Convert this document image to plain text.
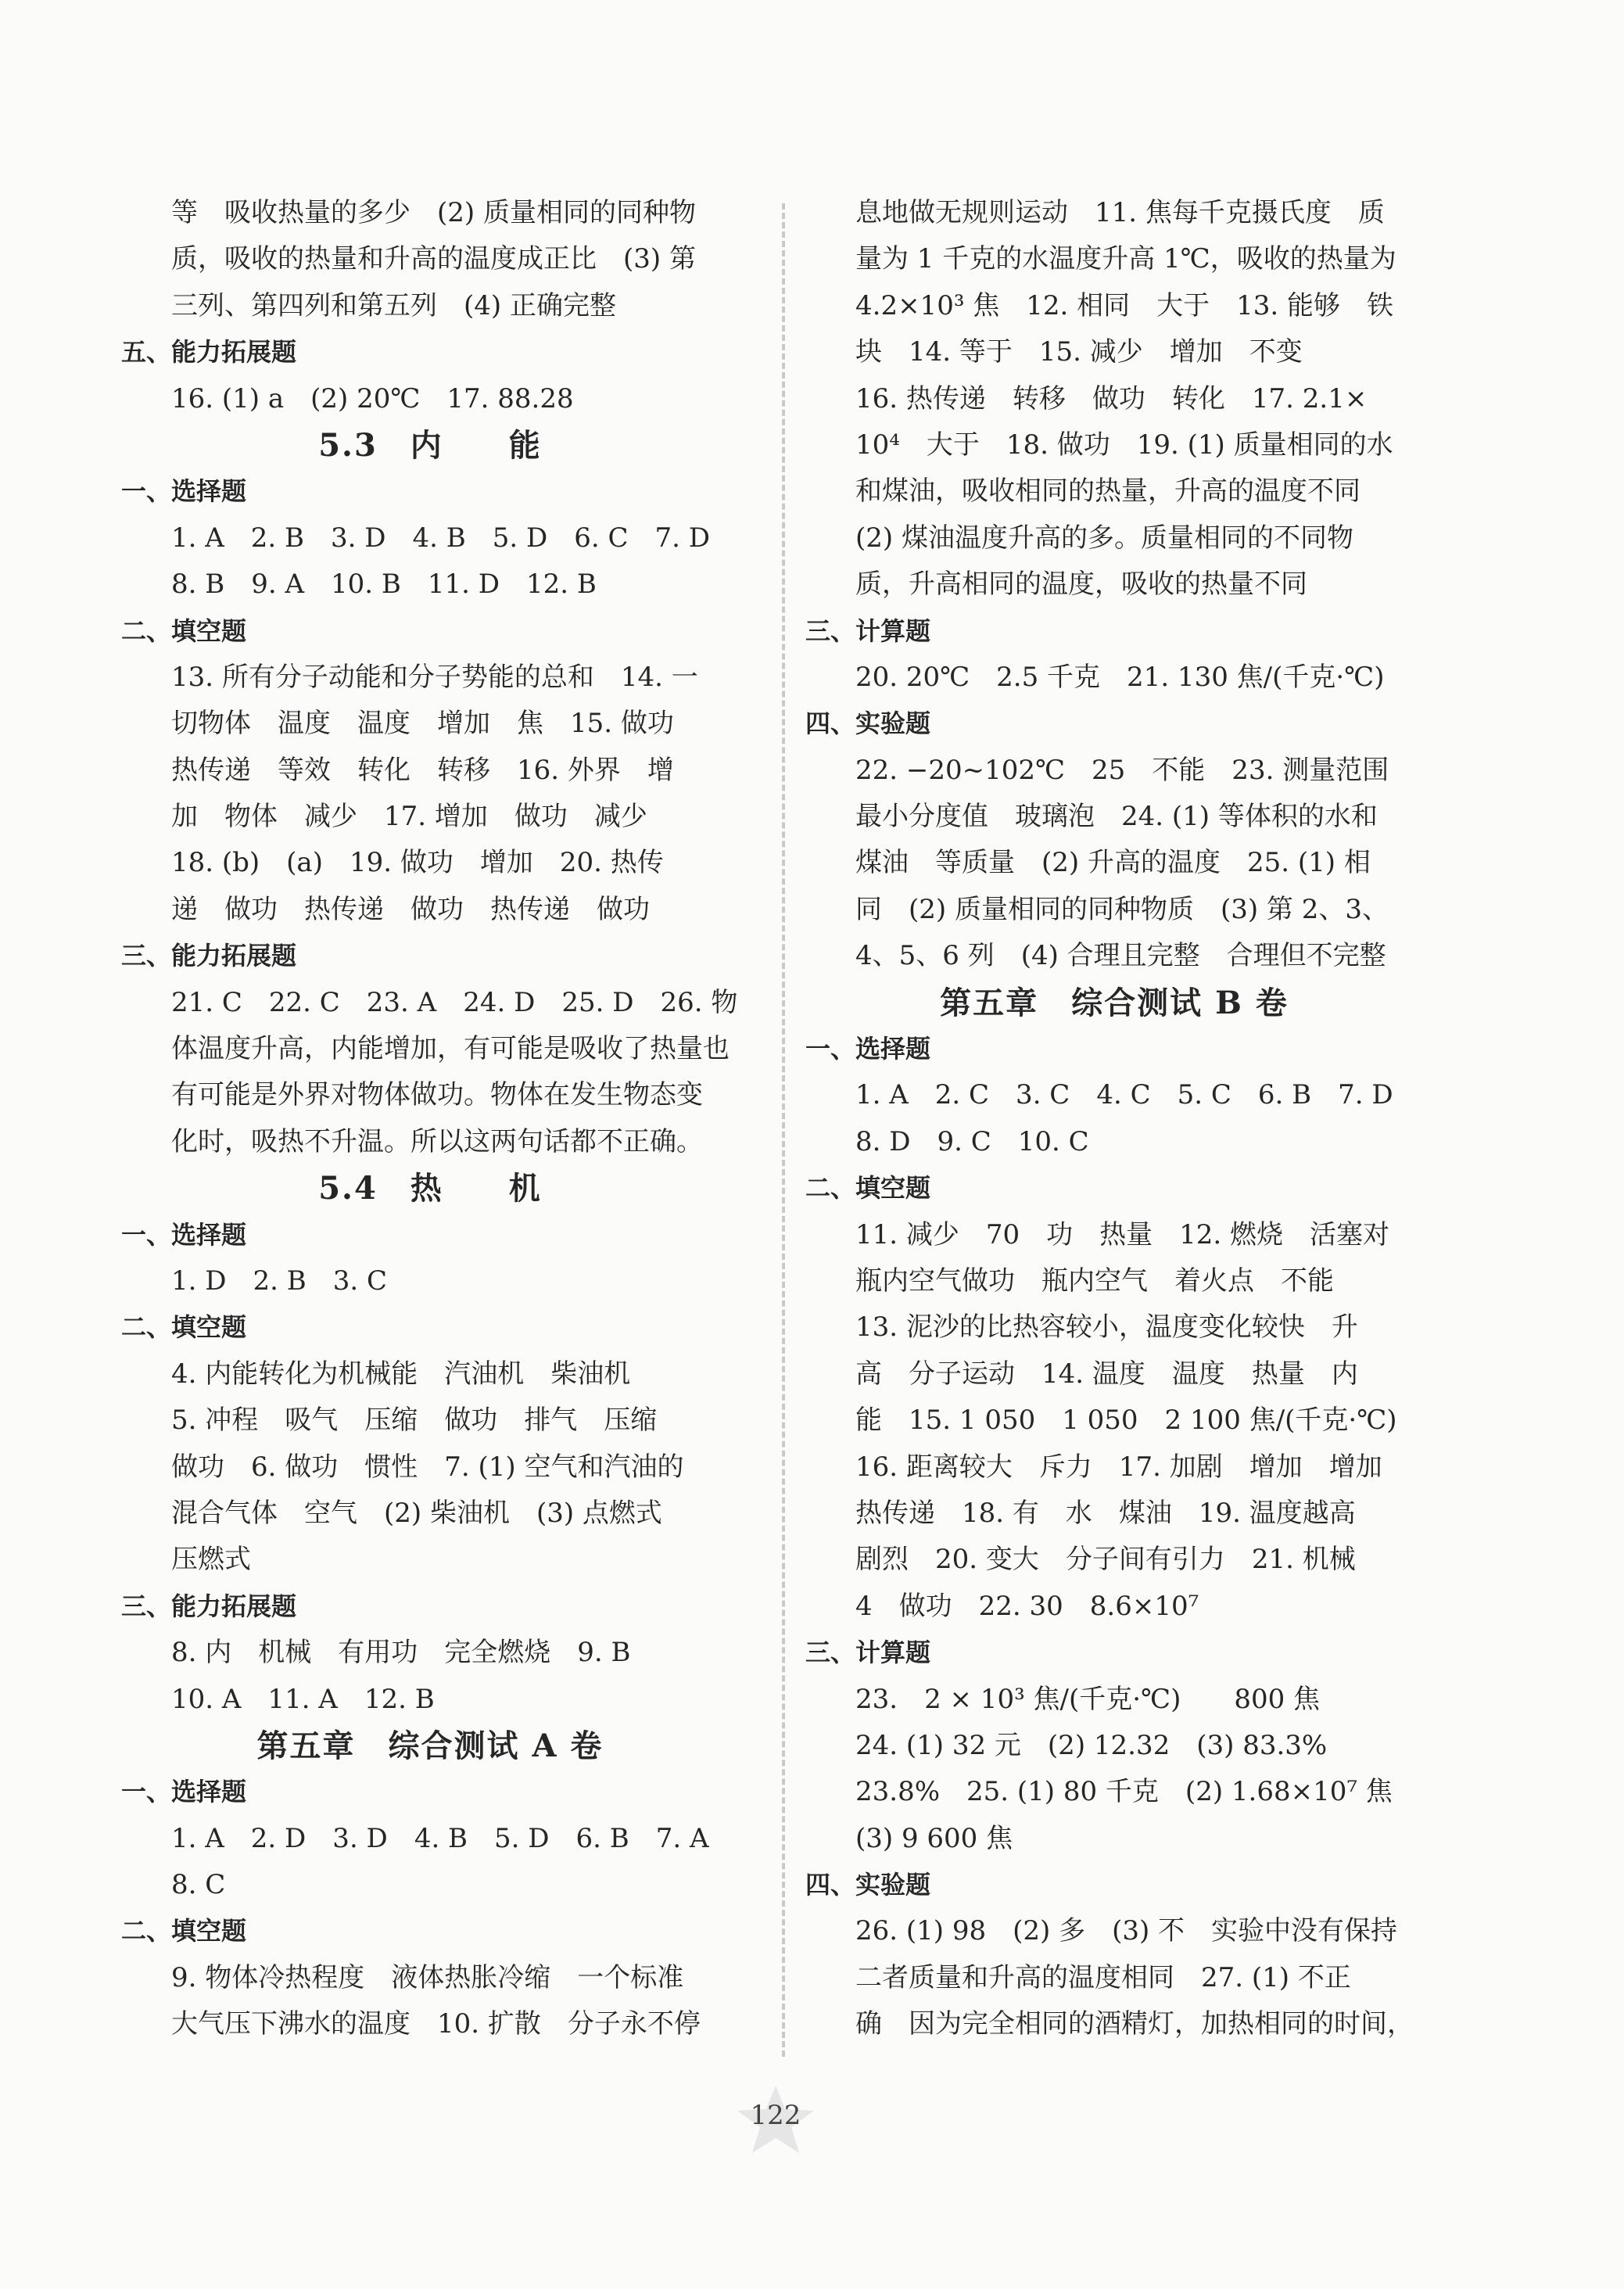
等　吸收热量的多少　(2) 质量相同的同种物
质，吸收的热量和升高的温度成正比　(3) 第
三列、第四列和第五列　(4) 正确完整
五、能力拓展题
16. (1) a　(2) 20℃　17. 88.28
5.3　内　　能
一、选择题
1. A　2. B　3. D　4. B　5. D　6. C　7. D
8. B　9. A　10. B　11. D　12. B
二、填空题
13. 所有分子动能和分子势能的总和　14. 一
切物体　温度　温度　增加　焦　15. 做功
热传递　等效　转化　转移　16. 外界　增
加　物体　减少　17. 增加　做功　减少
18. (b)　(a)　19. 做功　增加　20. 热传
递　做功　热传递　做功　热传递　做功
三、能力拓展题
21. C　22. C　23. A　24. D　25. D　26. 物
体温度升高，内能增加，有可能是吸收了热量也
有可能是外界对物体做功。物体在发生物态变
化时，吸热不升温。所以这两句话都不正确。
5.4　热　　机
一、选择题
1. D　2. B　3. C
二、填空题
4. 内能转化为机械能　汽油机　柴油机
5. 冲程　吸气　压缩　做功　排气　压缩
做功　6. 做功　惯性　7. (1) 空气和汽油的
混合气体　空气　(2) 柴油机　(3) 点燃式
压燃式
三、能力拓展题
8. 内　机械　有用功　完全燃烧　9. B
10. A　11. A　12. B
第五章　综合测试 A 卷
一、选择题
1. A　2. D　3. D　4. B　5. D　6. B　7. A
8. C
二、填空题
9. 物体冷热程度　液体热胀冷缩　一个标准
大气压下沸水的温度　10. 扩散　分子永不停
息地做无规则运动　11. 焦每千克摄氏度　质
量为 1 千克的水温度升高 1℃，吸收的热量为
4.2×10³ 焦　12. 相同　大于　13. 能够　铁
块　14. 等于　15. 减少　增加　不变
16. 热传递　转移　做功　转化　17. 2.1×
10⁴　大于　18. 做功　19. (1) 质量相同的水
和煤油，吸收相同的热量，升高的温度不同
(2) 煤油温度升高的多。质量相同的不同物
质，升高相同的温度，吸收的热量不同
三、计算题
20. 20℃　2.5 千克　21. 130 焦/(千克·℃)
四、实验题
22. −20~102℃　25　不能　23. 测量范围
最小分度值　玻璃泡　24. (1) 等体积的水和
煤油　等质量　(2) 升高的温度　25. (1) 相
同　(2) 质量相同的同种物质　(3) 第 2、3、
4、5、6 列　(4) 合理且完整　合理但不完整
第五章　综合测试 B 卷
一、选择题
1. A　2. C　3. C　4. C　5. C　6. B　7. D
8. D　9. C　10. C
二、填空题
11. 减少　70　功　热量　12. 燃烧　活塞对
瓶内空气做功　瓶内空气　着火点　不能
13. 泥沙的比热容较小，温度变化较快　升
高　分子运动　14. 温度　温度　热量　内
能　15. 1 050　1 050　2 100 焦/(千克·℃)
16. 距离较大　斥力　17. 加剧　增加　增加
热传递　18. 有　水　煤油　19. 温度越高
剧烈　20. 变大　分子间有引力　21. 机械
4　做功　22. 30　8.6×10⁷
三、计算题
23.　2 × 10³ 焦/(千克·℃)　　800 焦
24. (1) 32 元　(2) 12.32　(3) 83.3%
23.8%　25. (1) 80 千克　(2) 1.68×10⁷ 焦
(3) 9 600 焦
四、实验题
26. (1) 98　(2) 多　(3) 不　实验中没有保持
二者质量和升高的温度相同　27. (1) 不正
确　因为完全相同的酒精灯，加热相同的时间，
122
